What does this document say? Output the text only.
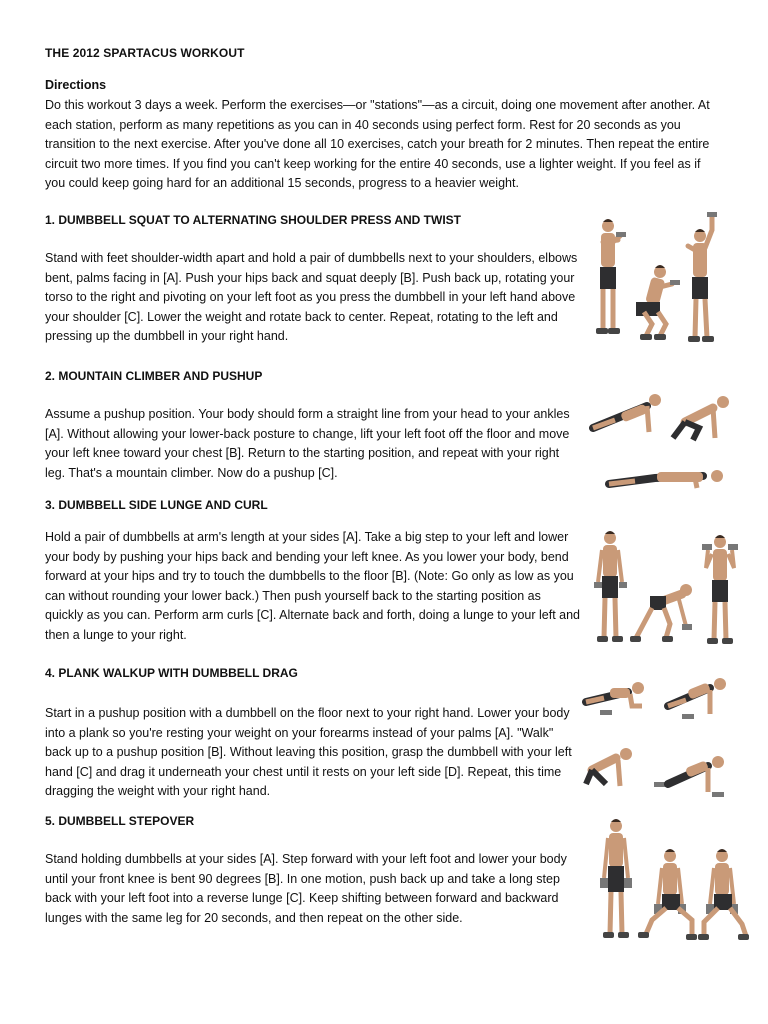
THE 2012 SPARTACUS WORKOUT
Directions
Do this workout 3 days a week. Perform the exercises—or "stations"—as a circuit, doing one movement after another. At each station, perform as many repetitions as you can in 40 seconds using perfect form. Rest for 20 seconds as you transition to the next exercise. After you've done all 10 exercises, catch your breath for 2 minutes. Then repeat the entire circuit two more times. If you find you can't keep working for the entire 40 seconds, use a lighter weight. If you feel as if you could keep going hard for an additional 15 seconds, progress to a heavier weight.
1. DUMBBELL SQUAT TO ALTERNATING SHOULDER PRESS AND TWIST
Stand with feet shoulder-width apart and hold a pair of dumbbells next to your shoulders, elbows bent, palms facing in [A]. Push your hips back and squat deeply [B]. Push back up, rotating your torso to the right and pivoting on your left foot as you press the dumbbell in your left hand above your shoulder [C]. Lower the weight and rotate back to center. Repeat, rotating to the left and pressing up the dumbbell in your right hand.
2. MOUNTAIN CLIMBER AND PUSHUP
Assume a pushup position. Your body should form a straight line from your head to your ankles [A]. Without allowing your lower-back posture to change, lift your left foot off the floor and move your left knee toward your chest [B]. Return to the starting position, and repeat with your right leg. That's a mountain climber. Now do a pushup [C].
3. DUMBBELL SIDE LUNGE AND CURL
Hold a pair of dumbbells at arm's length at your sides [A]. Take a big step to your left and lower your body by pushing your hips back and bending your left knee. As you lower your body, bend forward at your hips and try to touch the dumbbells to the floor [B]. (Note: Go only as low as you can without rounding your lower back.) Then push yourself back to the starting position as quickly as you can. Perform arm curls [C]. Alternate back and forth, doing a lunge to your left and then a lunge to your right.
4. PLANK WALKUP WITH DUMBBELL DRAG
Start in a pushup position with a dumbbell on the floor next to your right hand. Lower your body into a plank so you're resting your weight on your forearms instead of your palms [A]. "Walk" back up to a pushup position [B]. Without leaving this position, grasp the dumbbell with your left hand [C] and drag it underneath your chest until it rests on your left side [D]. Repeat, this time dragging the weight with your right hand.
5. DUMBBELL STEPOVER
Stand holding dumbbells at your sides [A]. Step forward with your left foot and lower your body until your front knee is bent 90 degrees [B]. In one motion, push back up and take a long step back with your left foot into a reverse lunge [C]. Keep shifting between forward and backward lunges with the same leg for 20 seconds, and then repeat on the other side.
